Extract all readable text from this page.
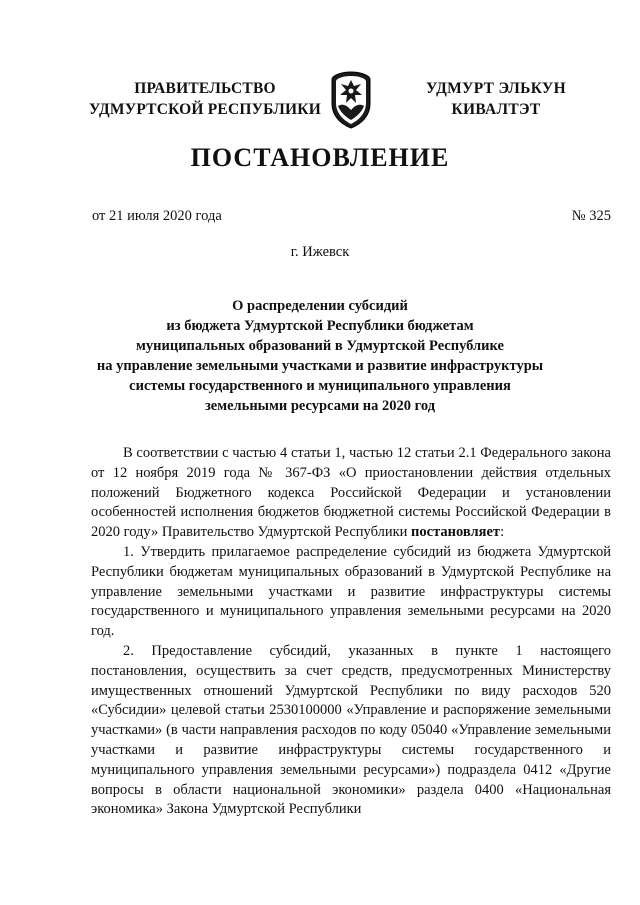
ПРАВИТЕЛЬСТВО
УДМУРТСКОЙ РЕСПУБЛИКИ
УДМУРТ ЭЛЬКУН
КИВАЛТЭТ
ПОСТАНОВЛЕНИЕ
от 21 июля 2020 года	№ 325
г. Ижевск
О распределении субсидий
из бюджета Удмуртской Республики бюджетам
муниципальных образований в Удмуртской Республике
на управление земельными участками и развитие инфраструктуры
системы государственного и муниципального управления
земельными ресурсами на 2020 год

В соответствии с частью 4 статьи 1, частью 12 статьи 2.1 Федерального закона от 12 ноября 2019 года № 367-ФЗ «О приостановлении действия отдельных положений Бюджетного кодекса Российской Федерации и установлении особенностей исполнения бюджетов бюджетной системы Российской Федерации в 2020 году» Правительство Удмуртской Республики постановляет:

1. Утвердить прилагаемое распределение субсидий из бюджета Удмуртской Республики бюджетам муниципальных образований в Удмуртской Республике на управление земельными участками и развитие инфраструктуры системы государственного и муниципального управления земельными ресурсами на 2020 год.

2. Предоставление субсидий, указанных в пункте 1 настоящего постановления, осуществить за счет средств, предусмотренных Министерству имущественных отношений Удмуртской Республики по виду расходов 520 «Субсидии» целевой статьи 2530100000 «Управление и распоряжение земельными участками» (в части направления расходов по коду 05040 «Управление земельными участками и развитие инфраструктуры системы государственного и муниципального управления земельными ресурсами») подраздела 0412 «Другие вопросы в области национальной экономики» раздела 0400 «Национальная экономика» Закона Удмуртской Республики
